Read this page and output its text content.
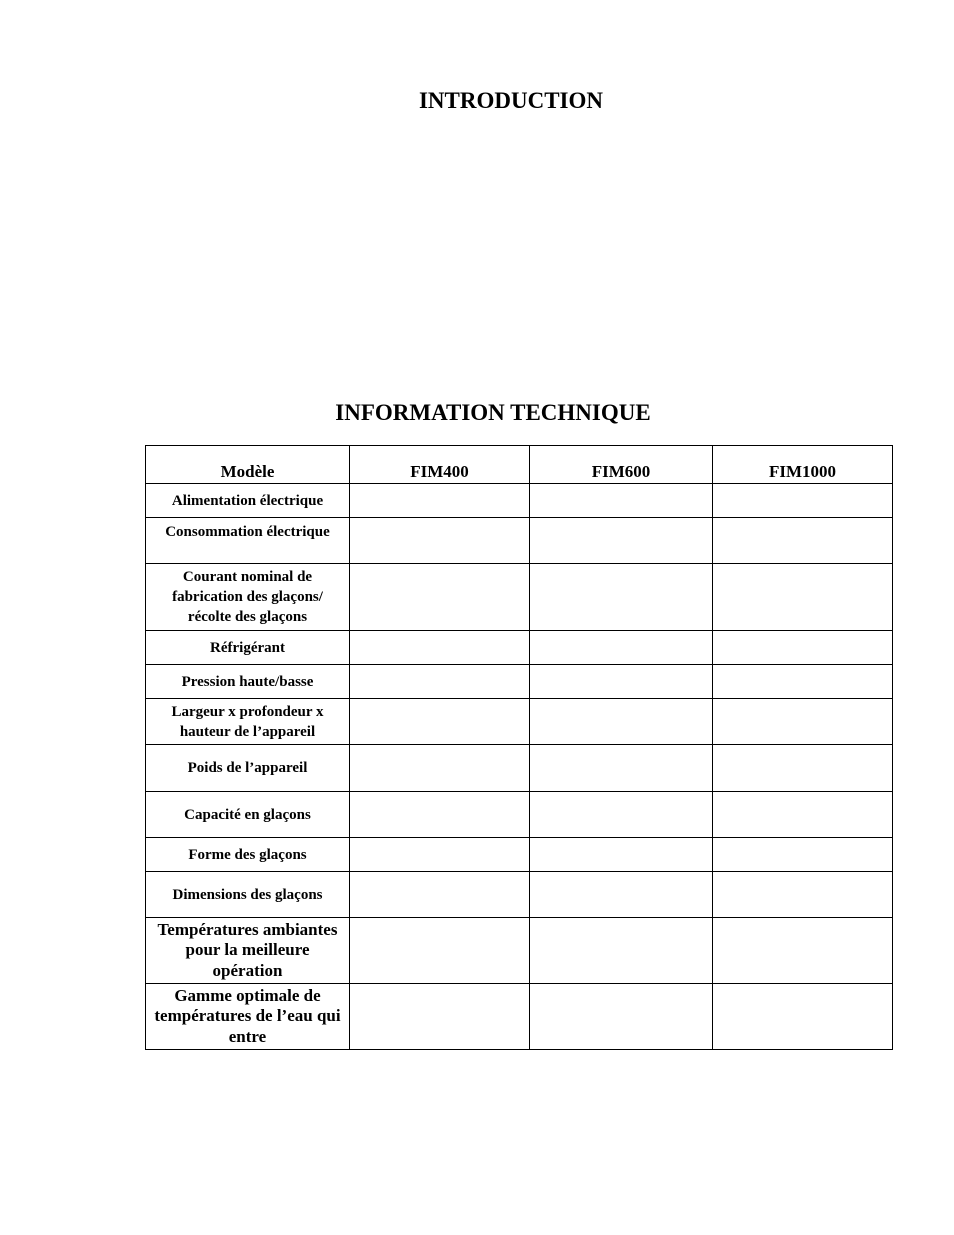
INTRODUCTION
INFORMATION TECHNIQUE
Modèle	FIM400	FIM600	FIM1000
Alimentation électrique			
Consommation électrique			
Courant nominal de fabrication des glaçons/ récolte des glaçons			
Réfrigérant			
Pression haute/basse			
Largeur x profondeur x hauteur de l’appareil			
Poids de l’appareil			
Capacité en glaçons			
Forme des glaçons			
Dimensions des glaçons			
Températures ambiantes pour la meilleure opération			
Gamme optimale de températures de l’eau qui entre			
